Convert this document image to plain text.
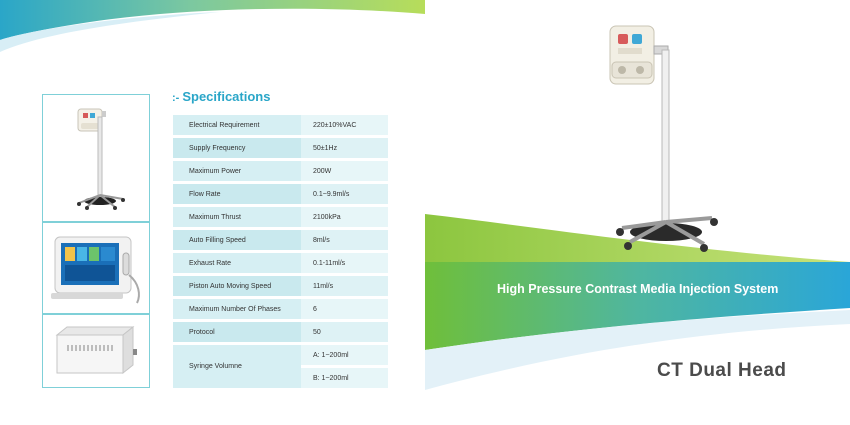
:- Specifications
Electrical Requirement	220±10%VAC
Supply Frequency	50±1Hz
Maximum Power	200W
Flow Rate	0.1~9.9ml/s
Maximum Thrust	2100kPa
Auto Filling Speed	8ml/s
Exhaust Rate	0.1-11ml/s
Piston Auto Moving Speed	11ml/s
Maximum Number Of Phases	6
Protocol	50
Syringe Volumne	A: 1~200ml
	B: 1~200ml
High Pressure Contrast Media Injection System
CT Dual Head
